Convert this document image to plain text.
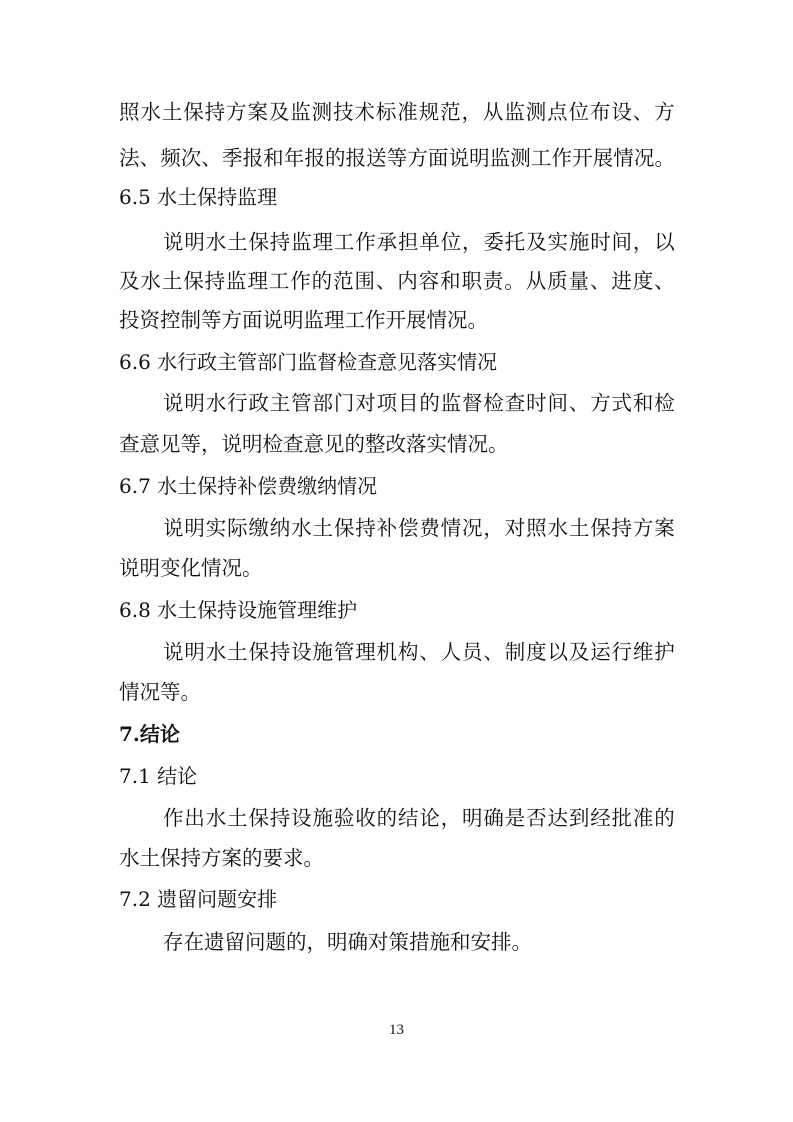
照 水 土 保 持 方 案 及 监 测 技 术 标 准 规 范 ， 从 监 测 点 位 布 设 、 方
法 、 频 次 、 季 报 和 年 报 的 报 送 等 方 面 说 明 监 测 工 作 开 展 情 况 。
6.5 水土保持监理
说 明 水 土 保 持 监 理 工 作 承 担 单 位 ， 委 托 及 实 施 时 间 ， 以
及 水 土 保 持 监 理 工 作 的 范 围 、 内 容 和 职 责 。 从 质 量 、 进 度 、
投资控制等方面说明监理工作开展情况。
6.6 水行政主管部门监督检查意见落实情况
说 明 水 行 政 主 管 部 门 对 项 目 的 监 督 检 查 时 间 、 方 式 和 检
查意见等，说明检查意见的整改落实情况。
6.7 水土保持补偿费缴纳情况
说 明 实 际 缴 纳 水 土 保 持 补 偿 费 情 况 ， 对 照 水 土 保 持 方 案
说明变化情况。
6.8 水土保持设施管理维护
说 明 水 土 保 持 设 施 管 理 机 构 、 人 员 、 制 度 以 及 运 行 维 护
情况等。
7.结论
7.1 结论
作 出 水 土 保 持 设 施 验 收 的 结 论 ， 明 确 是 否 达 到 经 批 准 的
水土保持方案的要求。
7.2 遗留问题安排
存在遗留问题的，明确对策措施和安排。
13
